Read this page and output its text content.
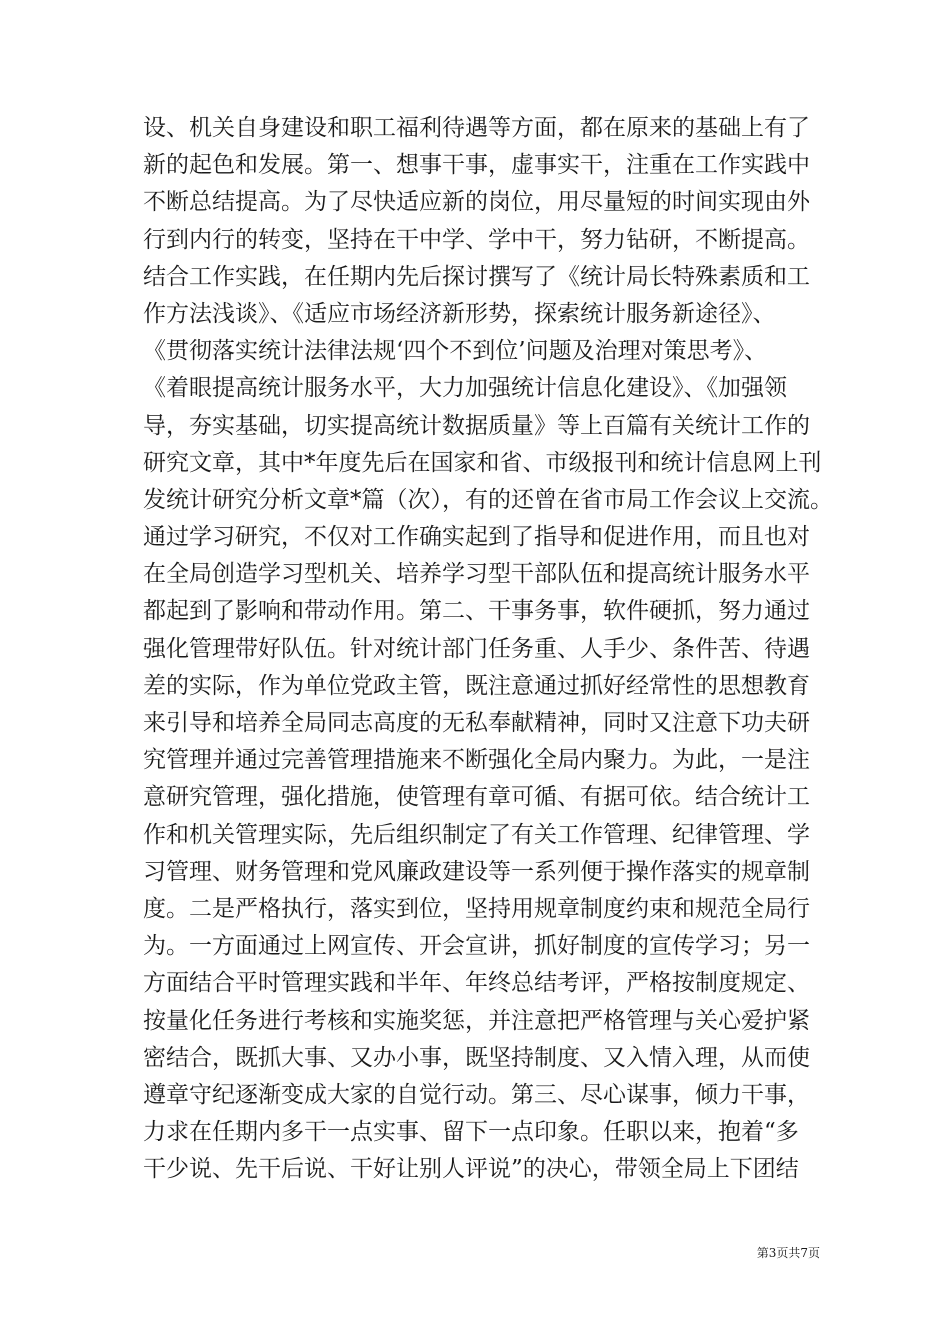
设、机关自身建设和职工福利待遇等方面，都在原来的基础上有了
新的起色和发展。第一、想事干事，虚事实干，注重在工作实践中
不断总结提高。为了尽快适应新的岗位，用尽量短的时间实现由外
行到内行的转变，坚持在干中学、学中干，努力钻研，不断提高。
结合工作实践，在任期内先后探讨撰写了《统计局长特殊素质和工
作方法浅谈》、《适应市场经济新形势，探索统计服务新途径》、
《贯彻落实统计法律法规‘四个不到位’问题及治理对策思考》、
《着眼提高统计服务水平，大力加强统计信息化建设》、《加强领
导，夯实基础，切实提高统计数据质量》等上百篇有关统计工作的
研究文章，其中*年度先后在国家和省、市级报刊和统计信息网上刊
发统计研究分析文章*篇（次），有的还曾在省市局工作会议上交流。
通过学习研究，不仅对工作确实起到了指导和促进作用，而且也对
在全局创造学习型机关、培养学习型干部队伍和提高统计服务水平
都起到了影响和带动作用。第二、干事务事，软件硬抓，努力通过
强化管理带好队伍。针对统计部门任务重、人手少、条件苦、待遇
差的实际，作为单位党政主管，既注意通过抓好经常性的思想教育
来引导和培养全局同志高度的无私奉献精神，同时又注意下功夫研
究管理并通过完善管理措施来不断强化全局内聚力。为此，一是注
意研究管理，强化措施，使管理有章可循、有据可依。结合统计工
作和机关管理实际，先后组织制定了有关工作管理、纪律管理、学
习管理、财务管理和党风廉政建设等一系列便于操作落实的规章制
度。二是严格执行，落实到位，坚持用规章制度约束和规范全局行
为。一方面通过上网宣传、开会宣讲，抓好制度的宣传学习；另一
方面结合平时管理实践和半年、年终总结考评，严格按制度规定、
按量化任务进行考核和实施奖惩，并注意把严格管理与关心爱护紧
密结合，既抓大事、又办小事，既坚持制度、又入情入理，从而使
遵章守纪逐渐变成大家的自觉行动。第三、尽心谋事，倾力干事，
力求在任期内多干一点实事、留下一点印象。任职以来，抱着“多
干少说、先干后说、干好让别人评说”的决心，带领全局上下团结
第3页共7页
